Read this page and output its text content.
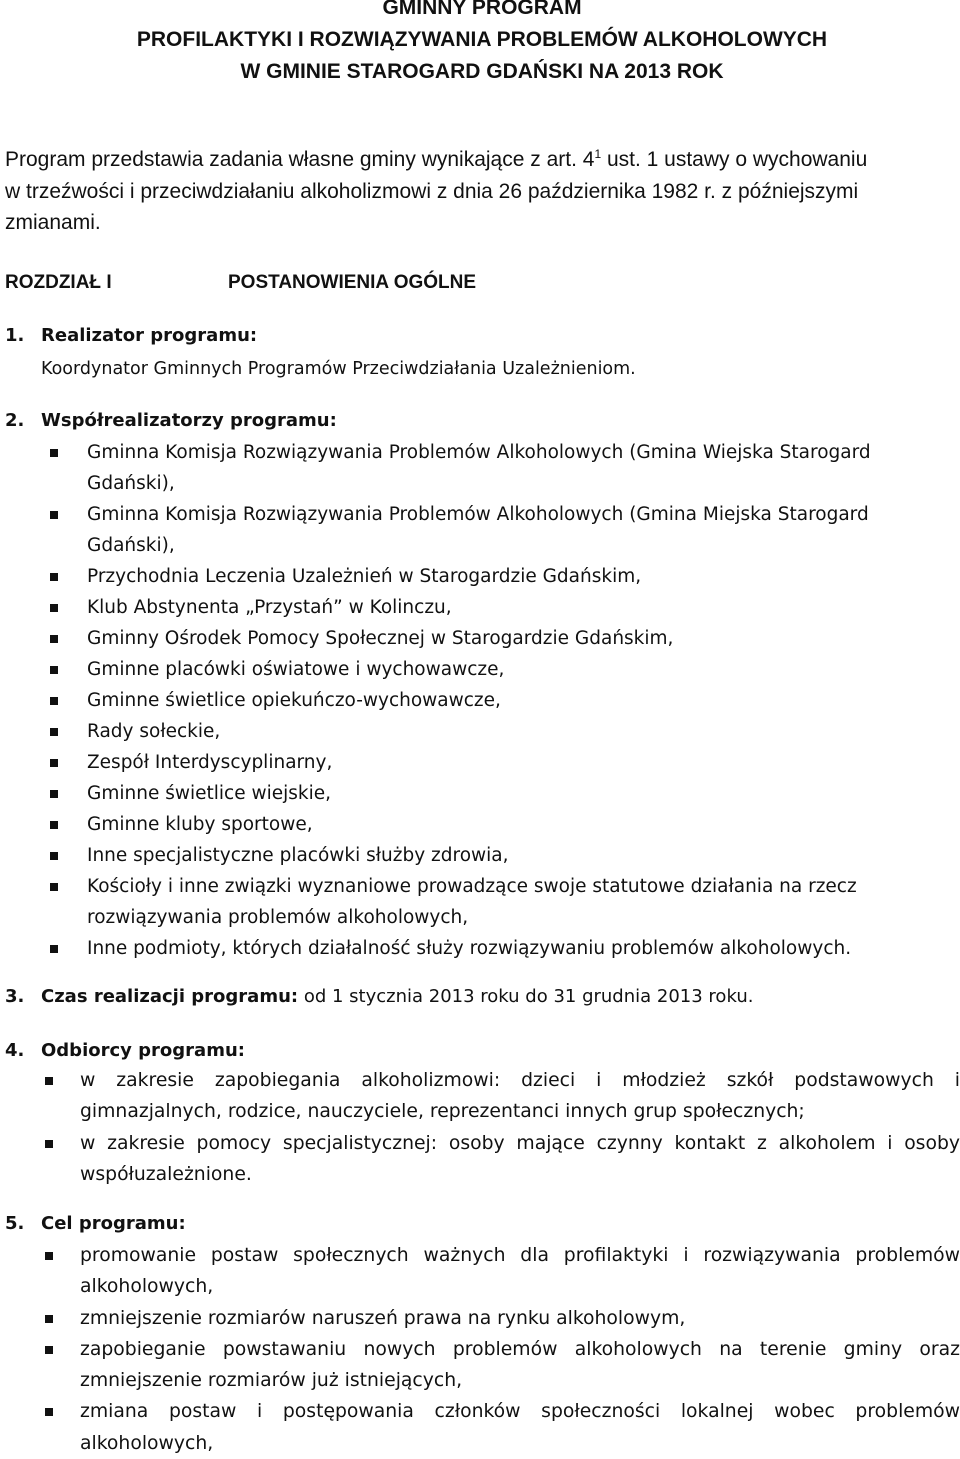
GMINNY PROGRAM
PROFILAKTYKI I ROZWIĄZYWANIA PROBLEMÓW ALKOHOLOWYCH
W GMINIE STAROGARD GDAŃSKI NA 2013 ROK
Program przedstawia zadania własne gminy wynikające z art. $4^1$ ust. 1 ustawy o wychowaniu
w trzeźwości i przeciwdziałaniu alkoholizmowi z dnia 26 października 1982 r. z późniejszymi
zmianami.
ROZDZIAŁ I	POSTANOWIENIA OGÓLNE
1. Realizator programu:
Koordynator Gminnych Programów Przeciwdziałania Uzależnieniom.
2. Współrealizatorzy programu:
Gminna Komisja Rozwiązywania Problemów Alkoholowych (Gmina Wiejska Starogard Gdański),
Gminna Komisja Rozwiązywania Problemów Alkoholowych (Gmina Miejska Starogard Gdański),
Przychodnia Leczenia Uzależnień w Starogardzie Gdańskim,
Klub Abstynenta „Przystań” w Kolinczu,
Gminny Ośrodek Pomocy Społecznej w Starogardzie Gdańskim,
Gminne placówki oświatowe i wychowawcze,
Gminne świetlice opiekuńczo-wychowawcze,
Rady sołeckie,
Zespół Interdyscyplinarny,
Gminne świetlice wiejskie,
Gminne kluby sportowe,
Inne specjalistyczne placówki służby zdrowia,
Kościoły i inne związki wyznaniowe prowadzące swoje statutowe działania na rzecz rozwiązywania problemów alkoholowych,
Inne podmioty, których działalność służy rozwiązywaniu problemów alkoholowych.
3. Czas realizacji programu: od 1 stycznia 2013 roku do 31 grudnia 2013 roku.
4. Odbiorcy programu:
w zakresie zapobiegania alkoholizmowi: dzieci i młodzież szkół podstawowych i gimnazjalnych, rodzice, nauczyciele, reprezentanci innych grup społecznych;
w zakresie pomocy specjalistycznej: osoby mające czynny kontakt z alkoholem i osoby współuzależnione.
5. Cel programu:
promowanie postaw społecznych ważnych dla profilaktyki i rozwiązywania problemów alkoholowych,
zmniejszenie rozmiarów naruszeń prawa na rynku alkoholowym,
zapobieganie powstawaniu nowych problemów alkoholowych na terenie gminy oraz zmniejszenie rozmiarów już istniejących,
zmiana postaw i postępowania członków społeczności lokalnej wobec problemów alkoholowych,
